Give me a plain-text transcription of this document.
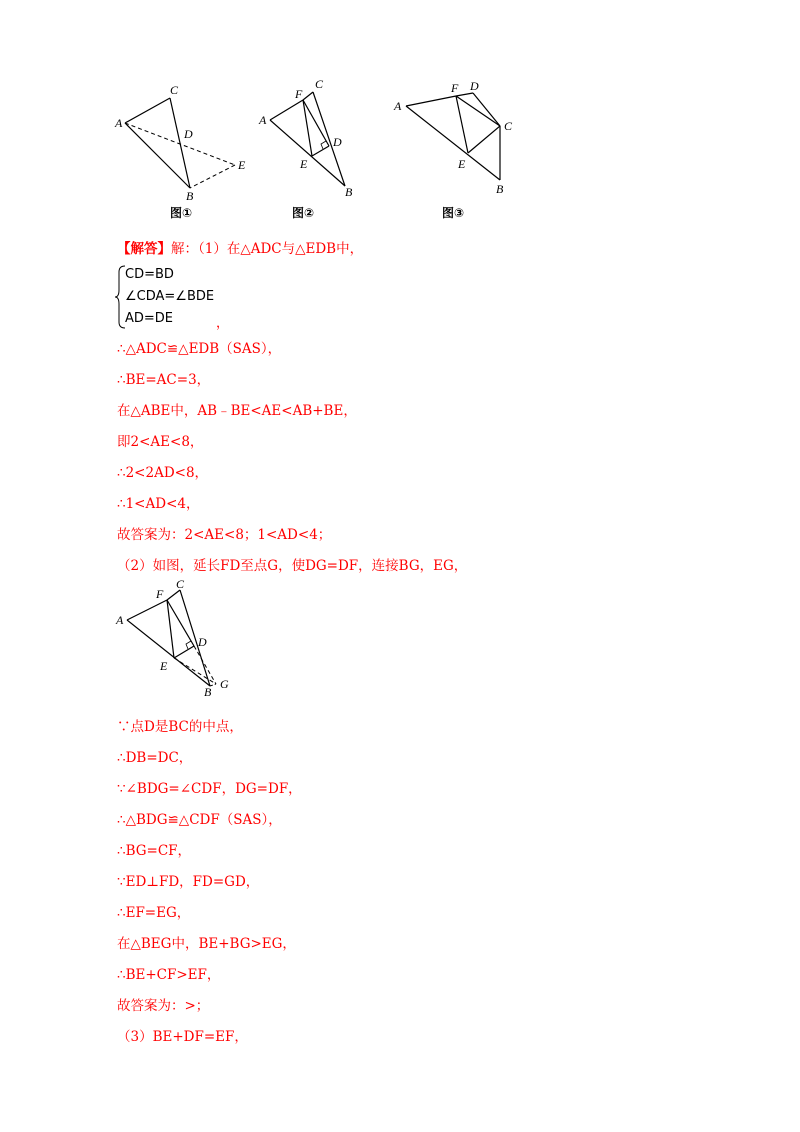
A
C
D
E
B
图①
A
F
C
D
E
B
图②
A
F D
C
E
B
图③
【解答】解：（1）在△ADC与△EDB中，
CD=BD
∠CDA=∠BDE
AD=DE	，
∴△ADC≌△EDB（SAS），
∴BE=AC=3，
在△ABE中，AB﹣BE<AE<AB+BE，
即2<AE<8，
∴2<2AD<8，
∴1<AD<4，
故答案为：2<AE<8；1<AD<4；
（2）如图，延长FD至点G，使DG=DF，连接BG，EG，
A
F
C
D
E
B
G
∵点D是BC的中点，
∴DB=DC，
∵∠BDG=∠CDF，DG=DF，
∴△BDG≌△CDF（SAS），
∴BG=CF，
∵ED⊥FD，FD=GD，
∴EF=EG，
在△BEG中，BE+BG>EG，
∴BE+CF>EF，
故答案为：>；
（3）BE+DF=EF，
